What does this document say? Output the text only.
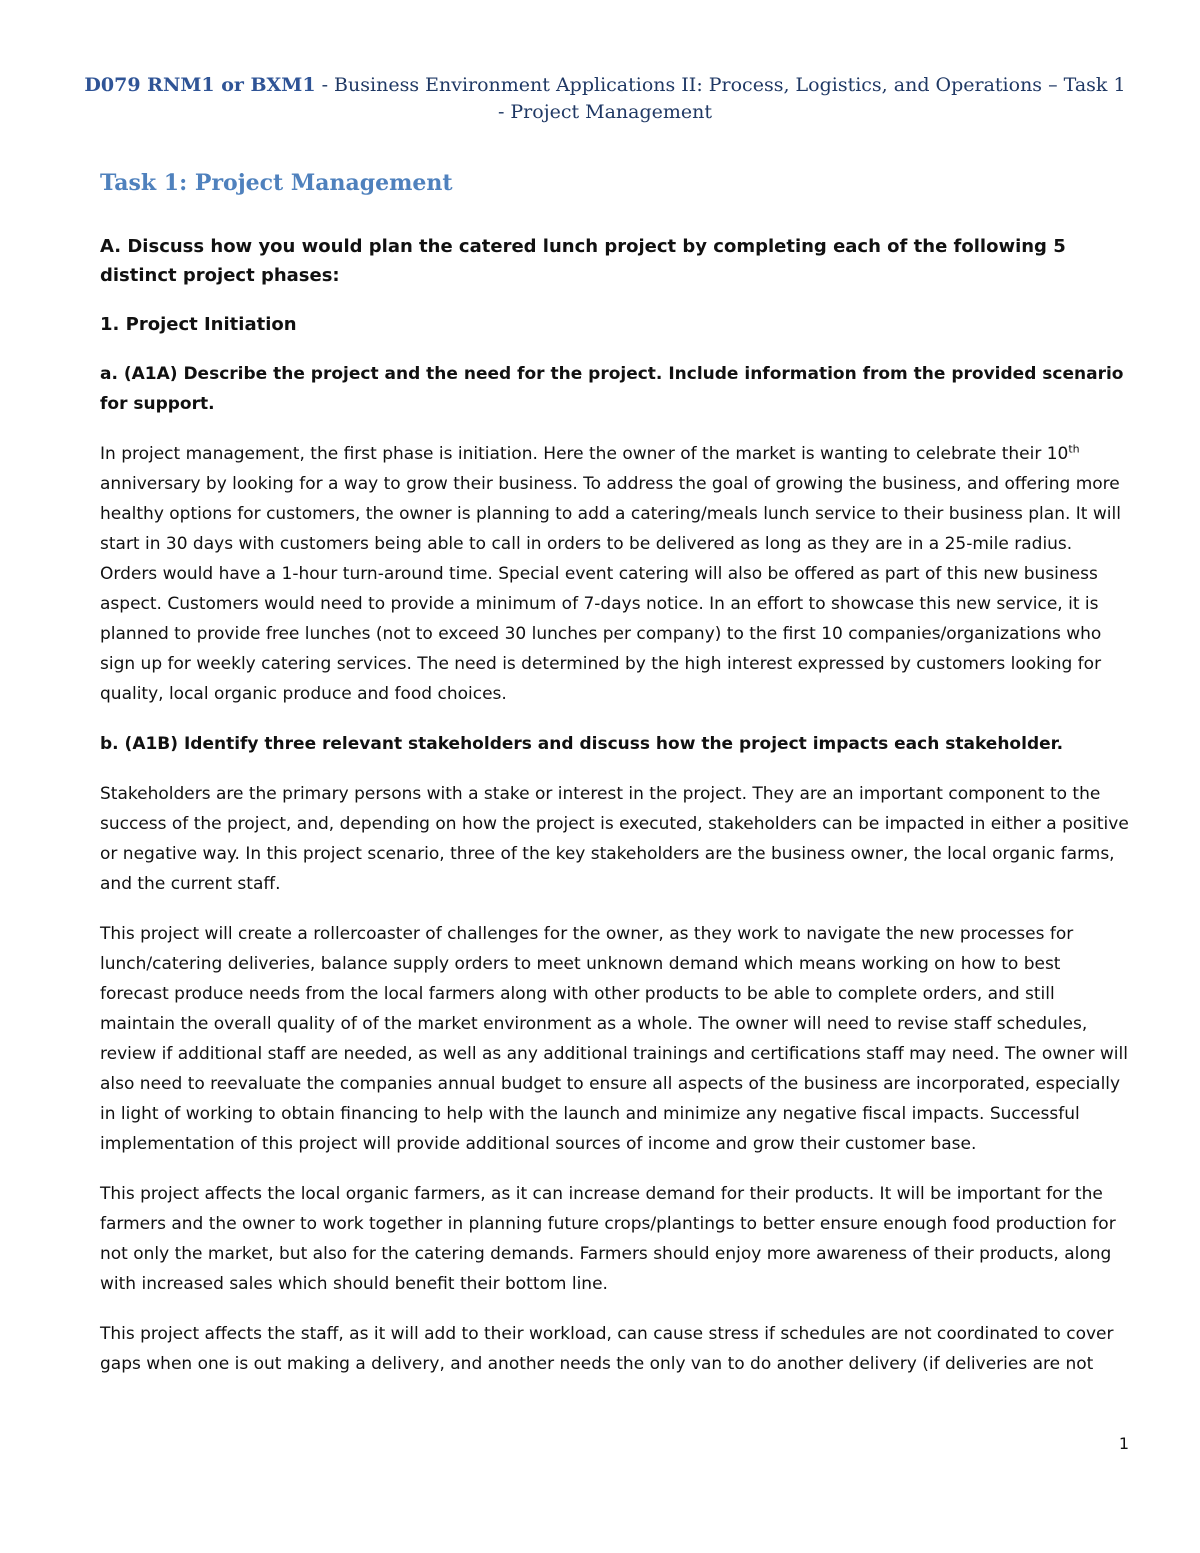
D079 RNM1 or BXM1 - Business Environment Applications II: Process, Logistics, and Operations – Task 1 - Project Management
Task 1: Project Management

A. Discuss how you would plan the catered lunch project by completing each of the following 5 distinct project phases:

1. Project Initiation

a. (A1A) Describe the project and the need for the project. Include information from the provided scenario for support.

In project management, the first phase is initiation. Here the owner of the market is wanting to celebrate their 10th anniversary by looking for a way to grow their business. To address the goal of growing the business, and offering more healthy options for customers, the owner is planning to add a catering/meals lunch service to their business plan. It will start in 30 days with customers being able to call in orders to be delivered as long as they are in a 25-mile radius. Orders would have a 1-hour turn-around time. Special event catering will also be offered as part of this new business aspect. Customers would need to provide a minimum of 7-days notice. In an effort to showcase this new service, it is planned to provide free lunches (not to exceed 30 lunches per company) to the first 10 companies/organizations who sign up for weekly catering services. The need is determined by the high interest expressed by customers looking for quality, local organic produce and food choices.

b. (A1B) Identify three relevant stakeholders and discuss how the project impacts each stakeholder.

Stakeholders are the primary persons with a stake or interest in the project. They are an important component to the success of the project, and, depending on how the project is executed, stakeholders can be impacted in either a positive or negative way. In this project scenario, three of the key stakeholders are the business owner, the local organic farms, and the current staff.

This project will create a rollercoaster of challenges for the owner, as they work to navigate the new processes for lunch/catering deliveries, balance supply orders to meet unknown demand which means working on how to best forecast produce needs from the local farmers along with other products to be able to complete orders, and still maintain the overall quality of of the market environment as a whole. The owner will need to revise staff schedules, review if additional staff are needed, as well as any additional trainings and certifications staff may need. The owner will also need to reevaluate the companies annual budget to ensure all aspects of the business are incorporated, especially in light of working to obtain financing to help with the launch and minimize any negative fiscal impacts. Successful implementation of this project will provide additional sources of income and grow their customer base.

This project affects the local organic farmers, as it can increase demand for their products. It will be important for the farmers and the owner to work together in planning future crops/plantings to better ensure enough food production for not only the market, but also for the catering demands. Farmers should enjoy more awareness of their products, along with increased sales which should benefit their bottom line.

This project affects the staff, as it will add to their workload, can cause stress if schedules are not coordinated to cover gaps when one is out making a delivery, and another needs the only van to do another delivery (if deliveries are not

1
